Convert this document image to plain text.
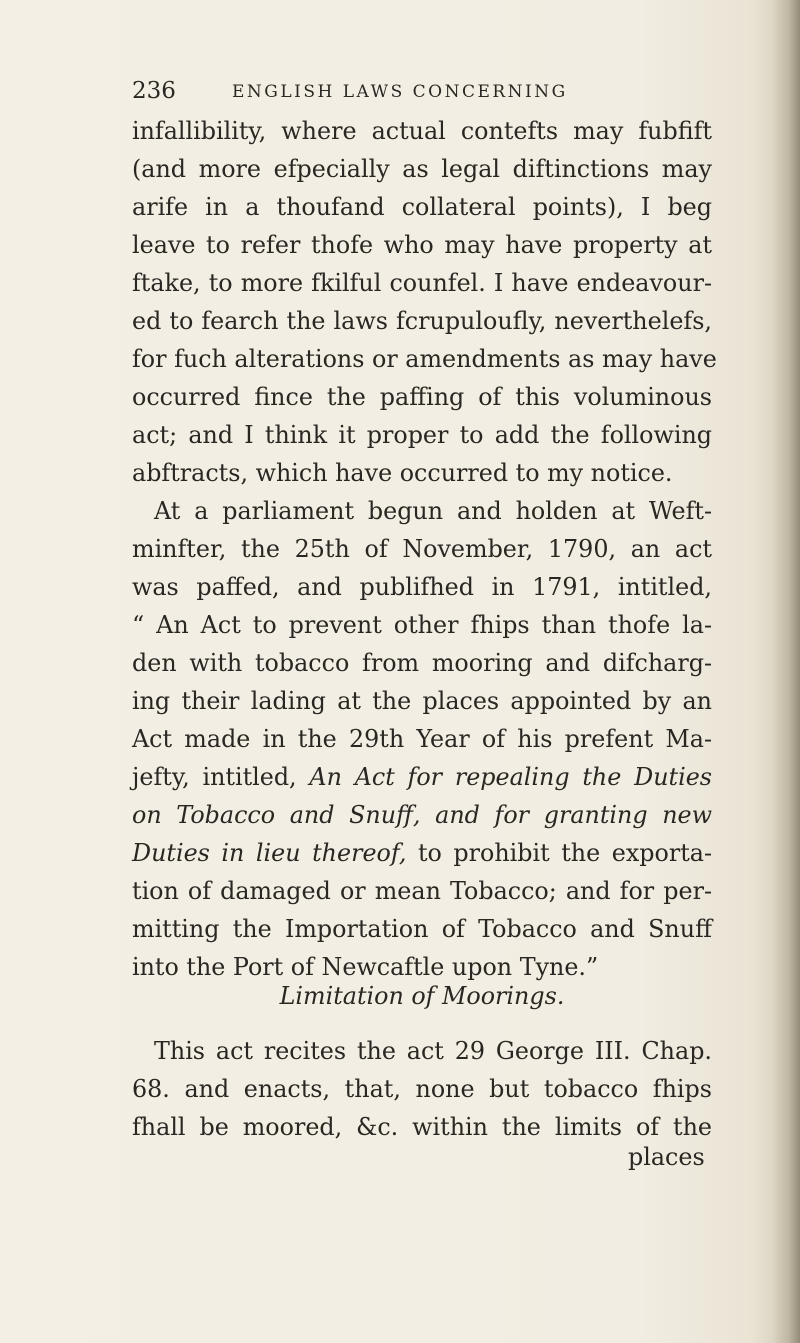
236	ENGLISH LAWS CONCERNING
infallibility, where actual contefts may fubfift
(and more efpecially as legal diftinctions may
arife in a thoufand collateral points), I beg
leave to refer thofe who may have property at
ftake, to more fkilful counfel. I have endeavour-
ed to fearch the laws fcrupuloufly, neverthelefs,
for fuch alterations or amendments as may have
occurred fince the paffing of this voluminous
act; and I think it proper to add the following
abftracts, which have occurred to my notice.
At a parliament begun and holden at Weft-
minfter, the 25th of November, 1790, an act
was paffed, and publifhed in 1791, intitled,
“ An Act to prevent other fhips than thofe la-
den with tobacco from mooring and difcharg-
ing their lading at the places appointed by an
Act made in the 29th Year of his prefent Ma-
jefty, intitled, An Act for repealing the Duties
on Tobacco and Snuff, and for granting new
Duties in lieu thereof, to prohibit the exporta-
tion of damaged or mean Tobacco; and for per-
mitting the Importation of Tobacco and Snuff
into the Port of Newcaftle upon Tyne.”
Limitation of Moorings.
This act recites the act 29 George III. Chap.
68. and enacts, that, none but tobacco fhips
fhall be moored, &c. within the limits of the
places
